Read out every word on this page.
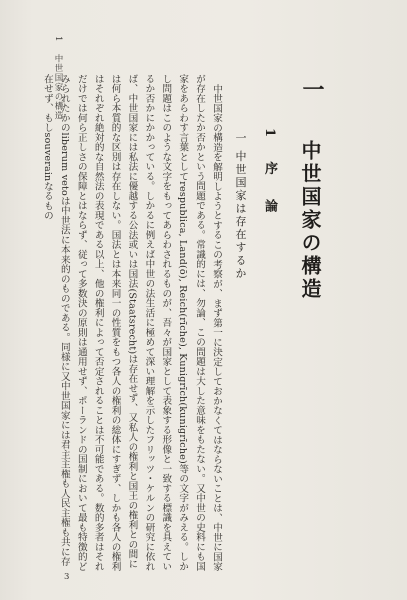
1 中世国家の構造	一
中世国家の構造
1 序 論
一 中世国家は存在するか

中世国家の構造を解明しようとするこの考察が、まず第一に決定しておかなくてはならないことは、中世に国家が存在したか否かという問題である。常識的には、勿論、この問題は大した意味をもたない。又中世の史料にも国家をあらわす言葉としてrespublica, Land(ō), Reich(rīche), Kunigrīch(kunigrīche)等の文字がみえる。しかし問題はこのような文字をもってあらわされるものが、吾々が国家として表象する形像と一致する標識を具えているか否かにかかっている。しかるに例えば中世の法生活に極めて深い理解を示したフリッツ・ケルンの研究に依れば、中世国家には私法に優越する公法或いは国法(Staatsrecht)は存在せず、又私人の権利と国王の権利との間には何ら本質的な区別は存在しない。国法とは本来同一の性質をもつ各人の権利の総体にすぎず、しかも各人の権利はそれぞれ絶対的な自然法の表現である以上、他の権利によって否定されることは不可能である。数的多者はそれだけでは何ら正しさの保障とはならず、従って多数決の原則は通用せず、ポーランドの国制において最も特徴的どみられたかのliberum vetoは中世法に本来的のものである。同様に又中世国家には君主主権も人民主権も共に存在せず、もしsouverainなるもの

3
